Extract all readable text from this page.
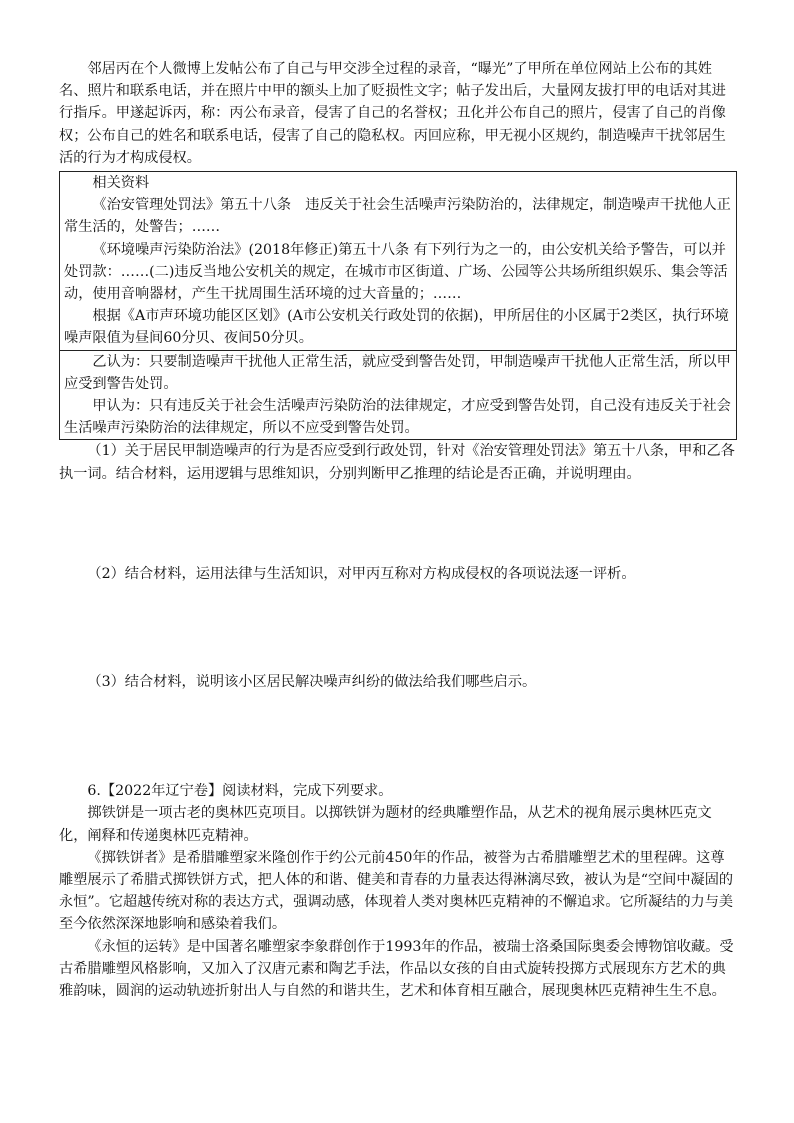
邻居丙在个人微博上发帖公布了自己与甲交涉全过程的录音，“曝光”了甲所在单位网站上公布的其姓名、照片和联系电话，并在照片中甲的额头上加了贬损性文字；帖子发出后，大量网友拔打甲的电话对其进行指斥。甲遂起诉丙，称：丙公布录音，侵害了自己的名誉权；丑化并公布自己的照片，侵害了自己的肖像权；公布自己的姓名和联系电话，侵害了自己的隐私权。丙回应称，甲无视小区规约，制造噪声干扰邻居生活的行为才构成侵权。

相关资料

《治安管理处罚法》第五十八条　违反关于社会生活噪声污染防治的，法律规定，制造噪声干扰他人正常生活的，处警告；……

《环境噪声污染防治法》(2018年修正)第五十八条 有下列行为之一的，由公安机关给予警告，可以并处罚款：……(二)违反当地公安机关的规定，在城市市区街道、广场、公园等公共场所组织娱乐、集会等活动，使用音响器材，产生干扰周围生活环境的过大音量的；……

根据《A市声环境功能区区划》(A市公安机关行政处罚的依据)，甲所居住的小区属于2类区，执行环境噪声限值为昼间60分贝、夜间50分贝。

乙认为：只要制造噪声干扰他人正常生活，就应受到警告处罚，甲制造噪声干扰他人正常生活，所以甲应受到警告处罚。

甲认为：只有违反关于社会生活噪声污染防治的法律规定，才应受到警告处罚，自己没有违反关于社会生活噪声污染防治的法律规定，所以不应受到警告处罚。

（1）关于居民甲制造噪声的行为是否应受到行政处罚，针对《治安管理处罚法》第五十八条，甲和乙各执一词。结合材料，运用逻辑与思维知识，分别判断甲乙推理的结论是否正确，并说明理由。

（2）结合材料，运用法律与生活知识，对甲丙互称对方构成侵权的各项说法逐一评析。

（3）结合材料，说明该小区居民解决噪声纠纷的做法给我们哪些启示。

6.【2022年辽宁卷】阅读材料，完成下列要求。

掷铁饼是一项古老的奥林匹克项目。以掷铁饼为题材的经典雕塑作品，从艺术的视角展示奥林匹克文化，阐释和传递奥林匹克精神。

《掷铁饼者》是希腊雕塑家米隆创作于约公元前450年的作品，被誉为古希腊雕塑艺术的里程碑。这尊雕塑展示了希腊式掷铁饼方式，把人体的和谐、健美和青春的力量表达得淋漓尽致，被认为是“空间中凝固的永恒”。它超越传统对称的表达方式，强调动感，体现着人类对奥林匹克精神的不懈追求。它所凝结的力与美至今依然深深地影响和感染着我们。

《永恒的运转》是中国著名雕塑家李象群创作于1993年的作品，被瑞士洛桑国际奥委会博物馆收藏。受古希腊雕塑风格影响，又加入了汉唐元素和陶艺手法，作品以女孩的自由式旋转投掷方式展现东方艺术的典雅韵味，圆润的运动轨迹折射出人与自然的和谐共生，艺术和体育相互融合，展现奥林匹克精神生生不息。
